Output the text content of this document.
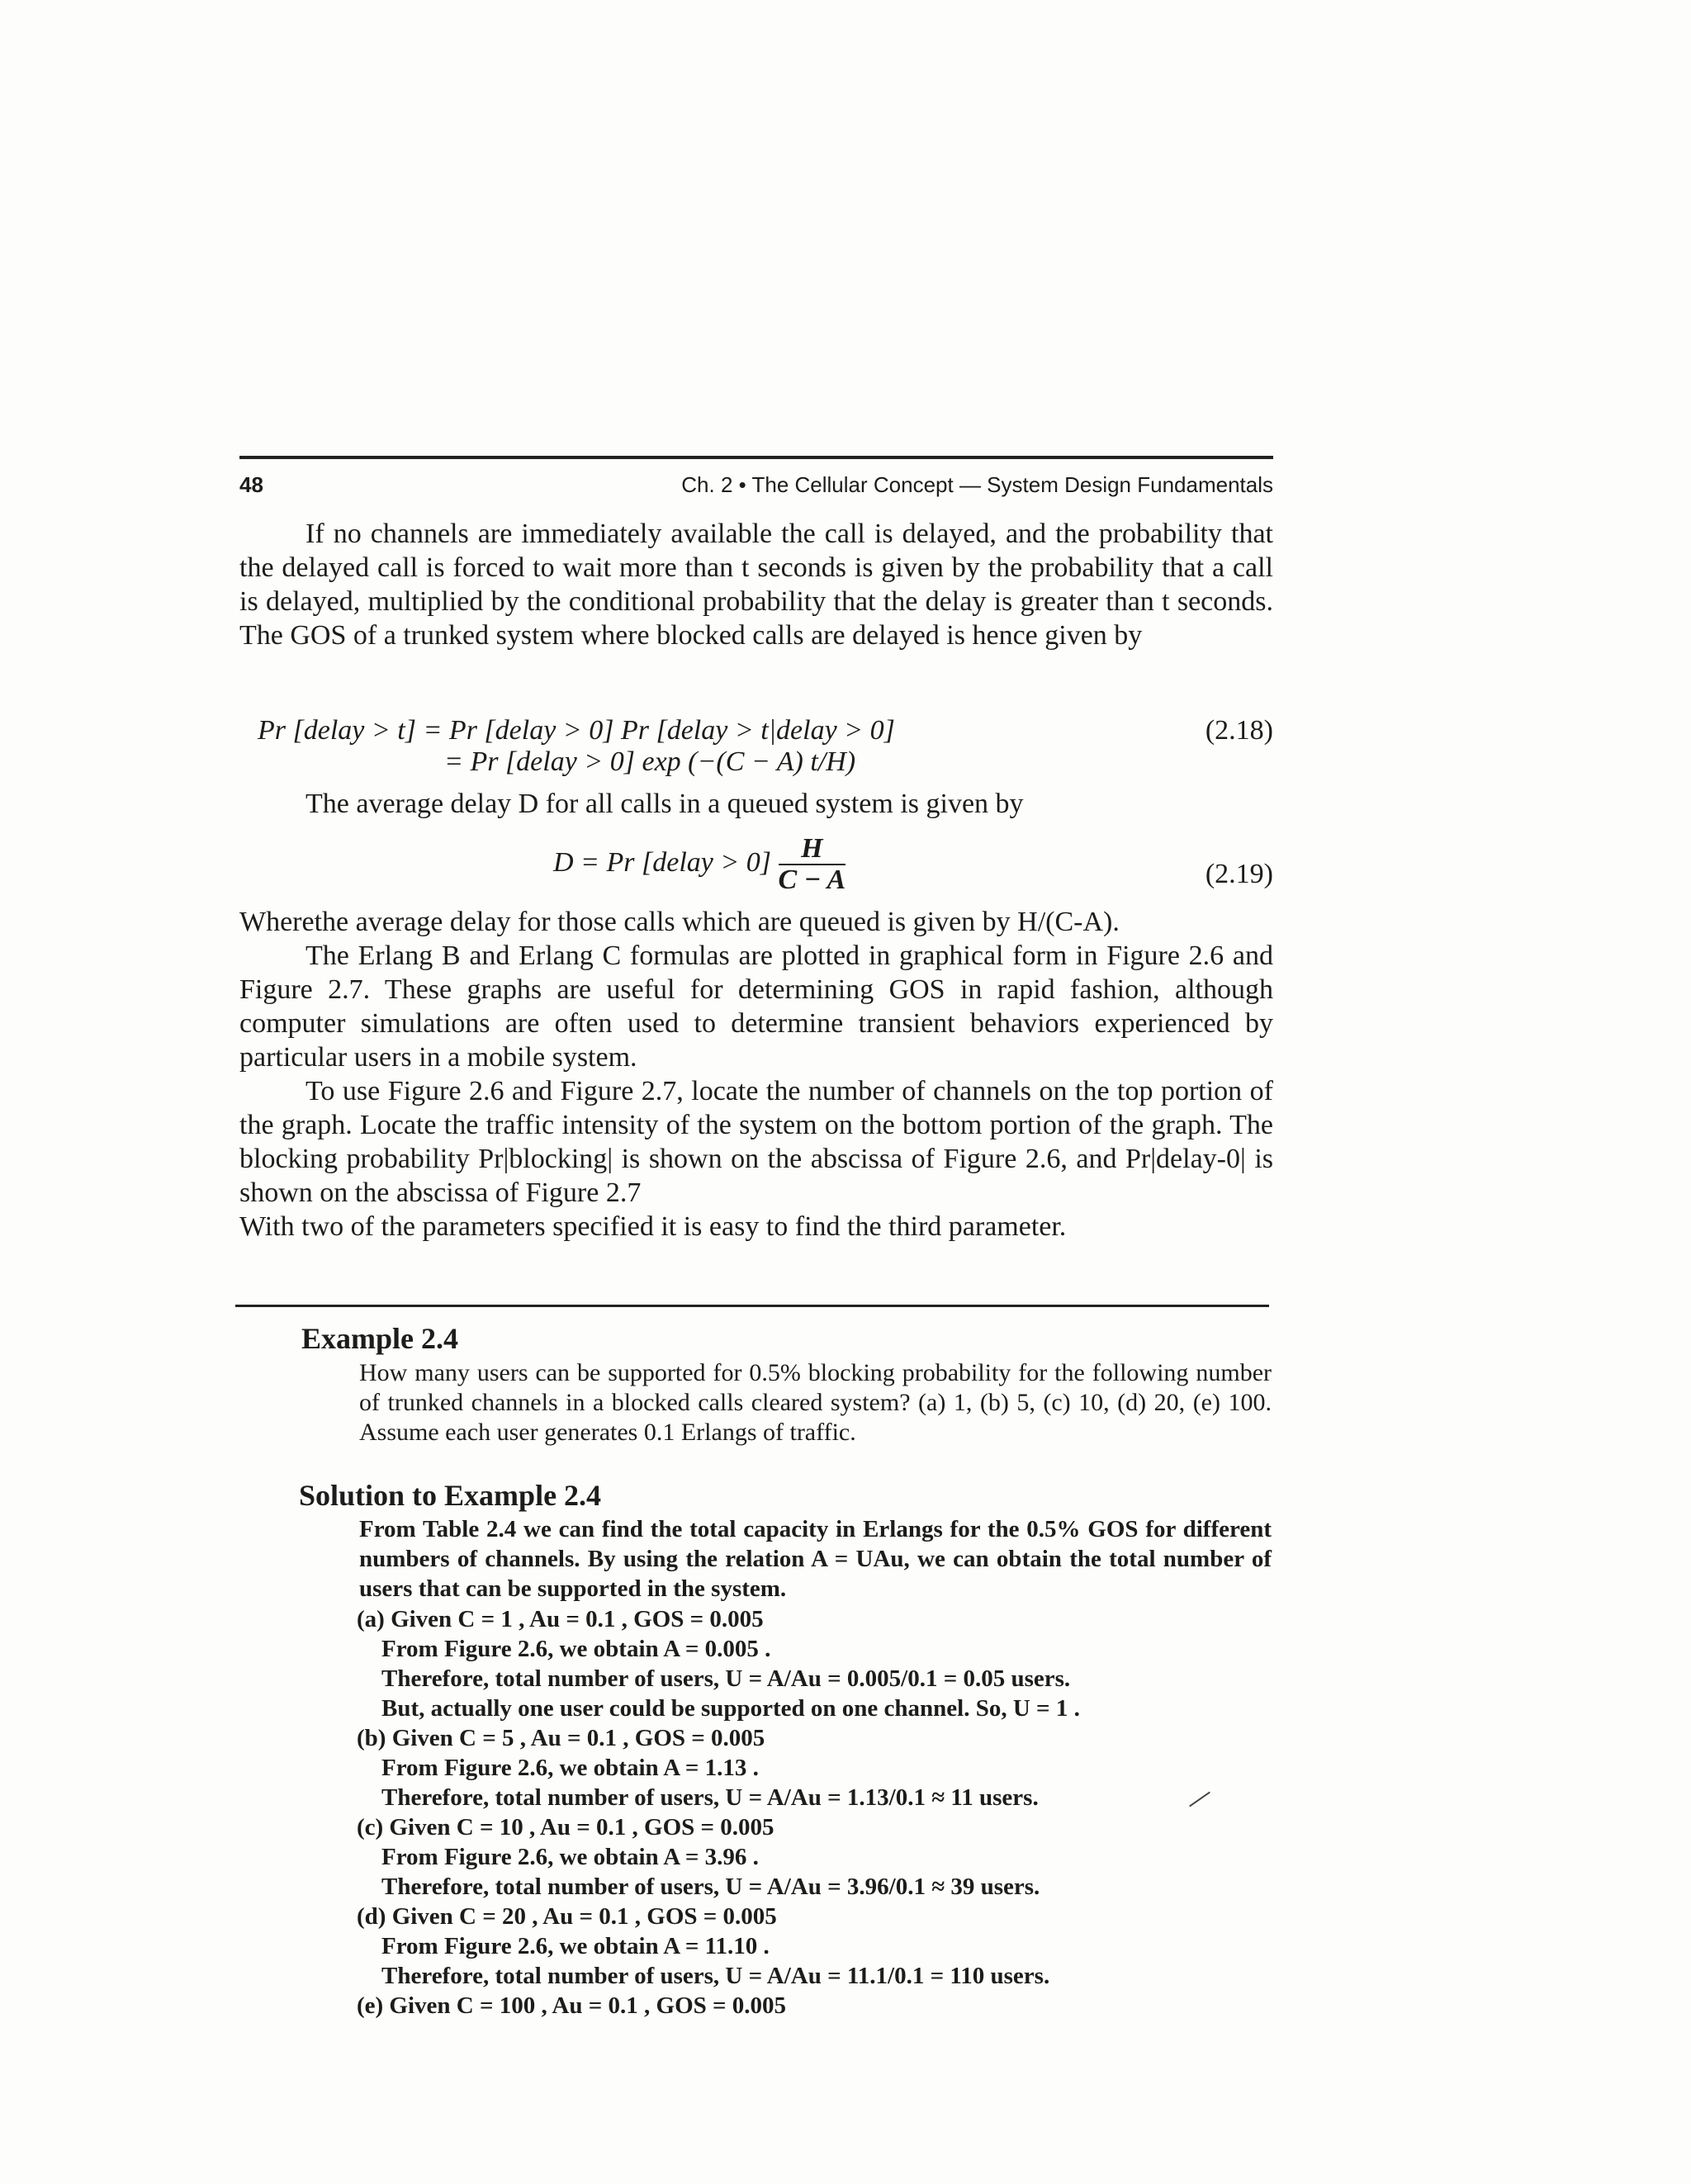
48	Ch. 2 • The Cellular Concept — System Design Fundamentals

If no channels are immediately available the call is delayed, and the probability that the delayed call is forced to wait more than t seconds is given by the probability that a call is delayed, multiplied by the conditional probability that the delay is greater than t seconds. The GOS of a trunked system where blocked calls are delayed is hence given by

Pr [delay > t] = Pr [delay > 0] Pr [delay > t|delay > 0]	(2.18)
= Pr [delay > 0] exp (−(C − A) t/H)

The average delay D for all calls in a queued system is given by

D = Pr [delay > $0] \frac{H}{C - A}$	(2.19)

Wherethe average delay for those calls which are queued is given by H/(C-A).

The Erlang B and Erlang C formulas are plotted in graphical form in Figure 2.6 and Figure 2.7. These graphs are useful for determining GOS in rapid fashion, although computer simulations are often used to determine transient behaviors experienced by particular users in a mobile system.

To use Figure 2.6 and Figure 2.7, locate the number of channels on the top portion of the graph. Locate the traffic intensity of the system on the bottom portion of the graph. The blocking probability Pr|blocking| is shown on the abscissa of Figure 2.6, and Pr|delay-0| is shown on the abscissa of Figure 2.7

With two of the parameters specified it is easy to find the third parameter.

Example 2.4

How many users can be supported for 0.5% blocking probability for the following number of trunked channels in a blocked calls cleared system? (a) 1, (b) 5, (c) 10, (d) 20, (e) 100. Assume each user generates 0.1 Erlangs of traffic.

Solution to Example 2.4

From Table 2.4 we can find the total capacity in Erlangs for the 0.5% GOS for different numbers of channels. By using the relation A = UAu, we can obtain the total number of users that can be supported in the system.

(a) Given C = 1 , Au = 0.1 , GOS = 0.005
From Figure 2.6, we obtain A = 0.005 .
Therefore, total number of users, U = A/Au = 0.005/0.1 = 0.05 users.
But, actually one user could be supported on one channel. So, U = 1 .
(b) Given C = 5 , Au = 0.1 , GOS = 0.005
From Figure 2.6, we obtain A = 1.13 .
Therefore, total number of users, U = A/Au = 1.13/0.1 ≈ 11 users.
(c) Given C = 10 , Au = 0.1 , GOS = 0.005
From Figure 2.6, we obtain A = 3.96 .
Therefore, total number of users, U = A/Au = 3.96/0.1 ≈ 39 users.
(d) Given C = 20 , Au = 0.1 , GOS = 0.005
From Figure 2.6, we obtain A = 11.10 .
Therefore, total number of users, U = A/Au = 11.1/0.1 = 110 users.
(e) Given C = 100 , Au = 0.1 , GOS = 0.005
